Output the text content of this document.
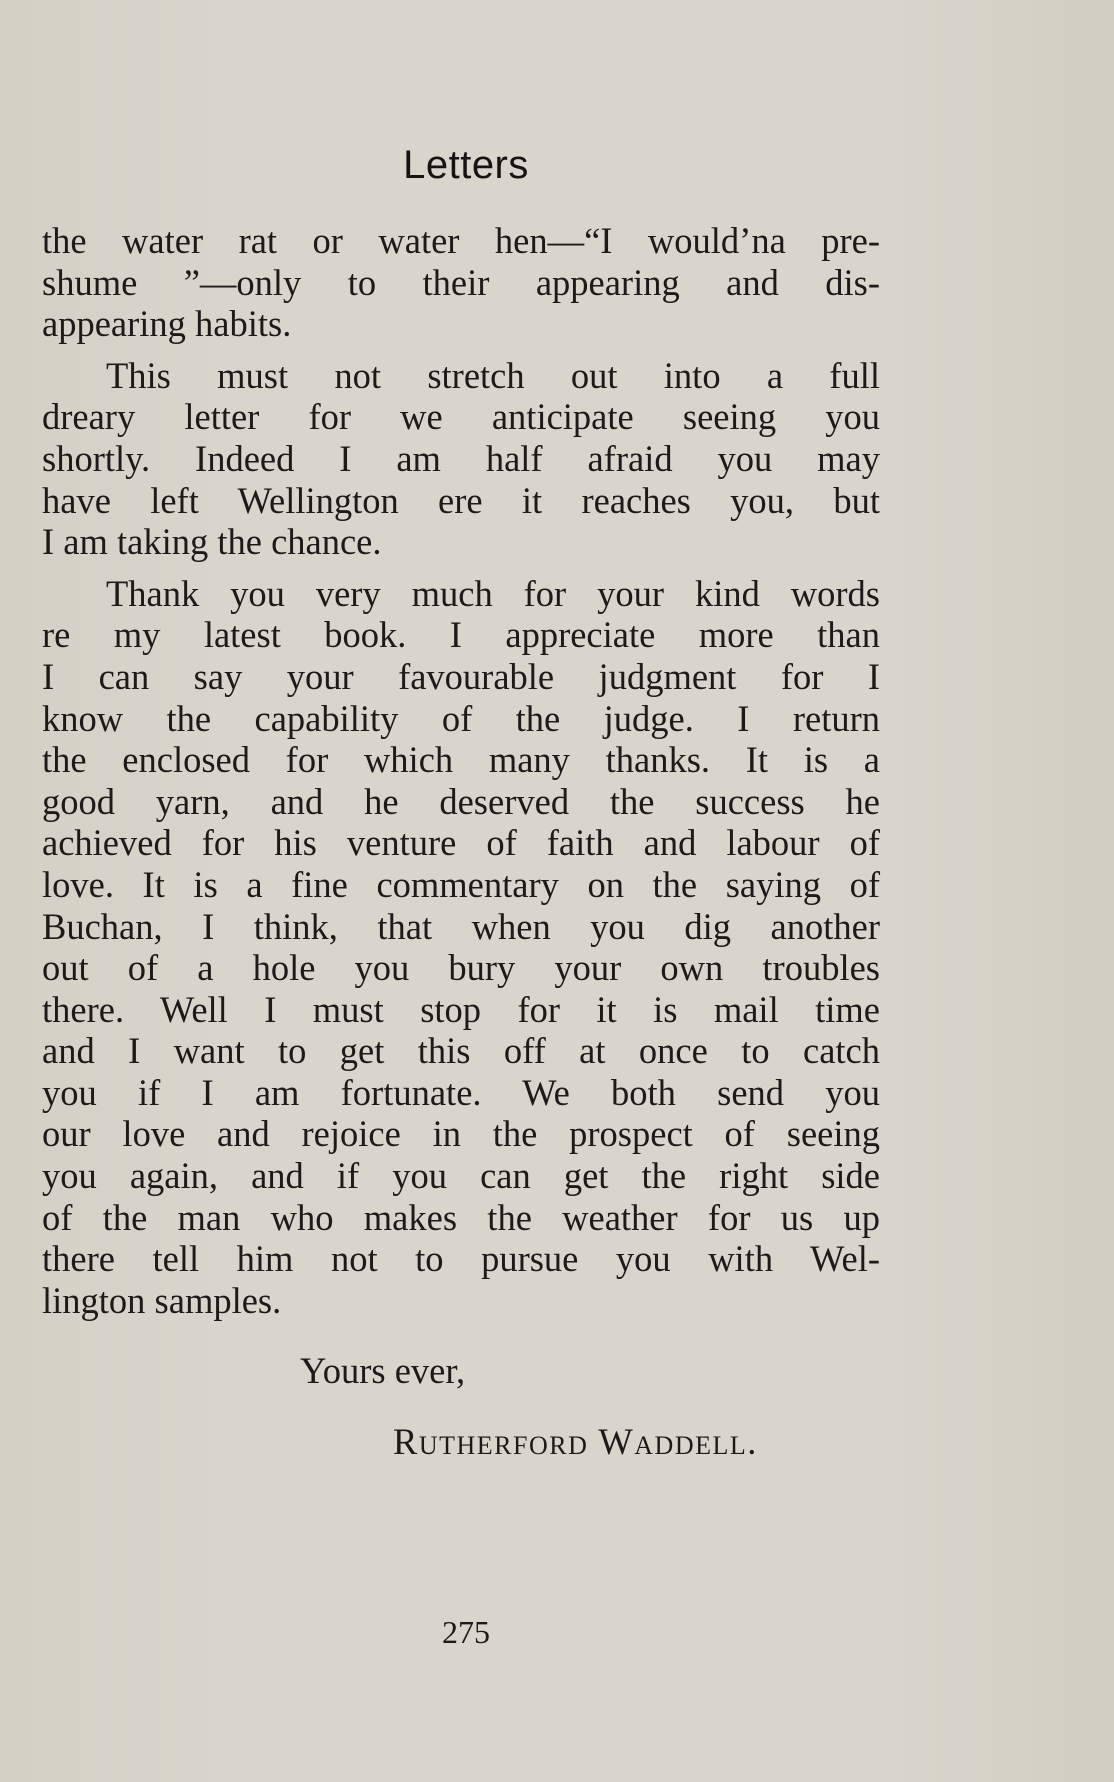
Letters
the water rat or water hen—“I would’na pre-
shume ”—only to their appearing and dis-
appearing habits.
This must not stretch out into a full
dreary letter for we anticipate seeing you
shortly. Indeed I am half afraid you may
have left Wellington ere it reaches you, but
I am taking the chance.
Thank you very much for your kind words
re my latest book. I appreciate more than
I can say your favourable judgment for I
know the capability of the judge. I return
the enclosed for which many thanks. It is a
good yarn, and he deserved the success he
achieved for his venture of faith and labour of
love. It is a fine commentary on the saying of
Buchan, I think, that when you dig another
out of a hole you bury your own troubles
there. Well I must stop for it is mail time
and I want to get this off at once to catch
you if I am fortunate. We both send you
our love and rejoice in the prospect of seeing
you again, and if you can get the right side
of the man who makes the weather for us up
there tell him not to pursue you with Wel-
lington samples.
Yours ever,
Rutherford Waddell.
275
